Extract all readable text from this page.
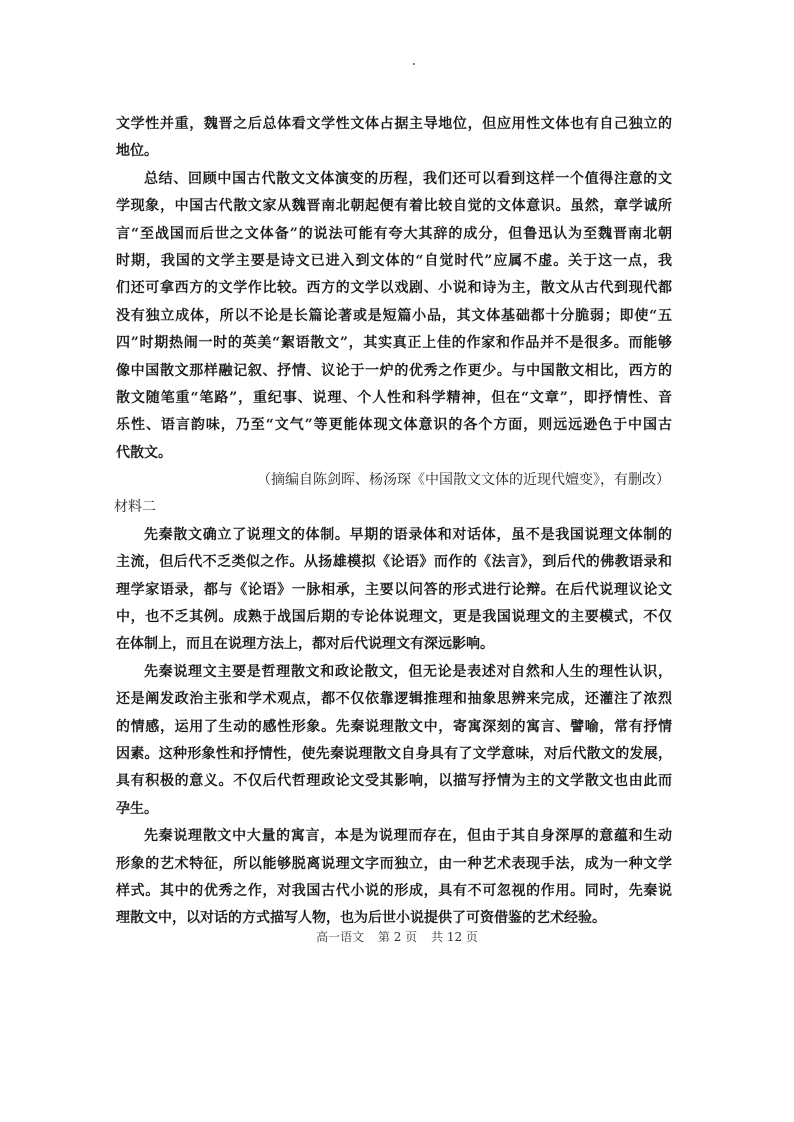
文学性并重，魏晋之后总体看文学性文体占据主导地位，但应用性文体也有自己独立的
地位。
总结、回顾中国古代散文文体演变的历程，我们还可以看到这样一个值得注意的文
学现象，中国古代散文家从魏晋南北朝起便有着比较自觉的文体意识。虽然，章学诚所
言“至战国而后世之文体备”的说法可能有夸大其辞的成分，但鲁迅认为至魏晋南北朝
时期，我国的文学主要是诗文已进入到文体的“自觉时代”应属不虚。关于这一点，我
们还可拿西方的文学作比较。西方的文学以戏剧、小说和诗为主，散文从古代到现代都
没有独立成体，所以不论是长篇论著或是短篇小品，其文体基础都十分脆弱；即使“五
四”时期热闹一时的英美“絮语散文”，其实真正上佳的作家和作品并不是很多。而能够
像中国散文那样融记叙、抒情、议论于一炉的优秀之作更少。与中国散文相比，西方的
散文随笔重“笔路”，重纪事、说理、个人性和科学精神，但在“文章”，即抒情性、音
乐性、语言韵味，乃至“文气”等更能体现文体意识的各个方面，则远远逊色于中国古
代散文。
（摘编自陈剑晖、杨汤琛《中国散文文体的近现代嬗变》，有删改）
材料二
先秦散文确立了说理文的体制。早期的语录体和对话体，虽不是我国说理文体制的
主流，但后代不乏类似之作。从扬雄模拟《论语》而作的《法言》，到后代的佛教语录和
理学家语录，都与《论语》一脉相承，主要以问答的形式进行论辩。在后代说理议论文
中，也不乏其例。成熟于战国后期的专论体说理文，更是我国说理文的主要模式，不仅
在体制上，而且在说理方法上，都对后代说理文有深远影响。
先秦说理文主要是哲理散文和政论散文，但无论是表述对自然和人生的理性认识，
还是阐发政治主张和学术观点，都不仅依靠逻辑推理和抽象思辨来完成，还灌注了浓烈
的情感，运用了生动的感性形象。先秦说理散文中，寄寓深刻的寓言、譬喻，常有抒情
因素。这种形象性和抒情性，使先秦说理散文自身具有了文学意味，对后代散文的发展，
具有积极的意义。不仅后代哲理政论文受其影响，以描写抒情为主的文学散文也由此而
孕生。
先秦说理散文中大量的寓言，本是为说理而存在，但由于其自身深厚的意蕴和生动
形象的艺术特征，所以能够脱离说理文字而独立，由一种艺术表现手法，成为一种文学
样式。其中的优秀之作，对我国古代小说的形成，具有不可忽视的作用。同时，先秦说
理散文中，以对话的方式描写人物，也为后世小说提供了可资借鉴的艺术经验。
高一语文 第 2 页 共 12 页
